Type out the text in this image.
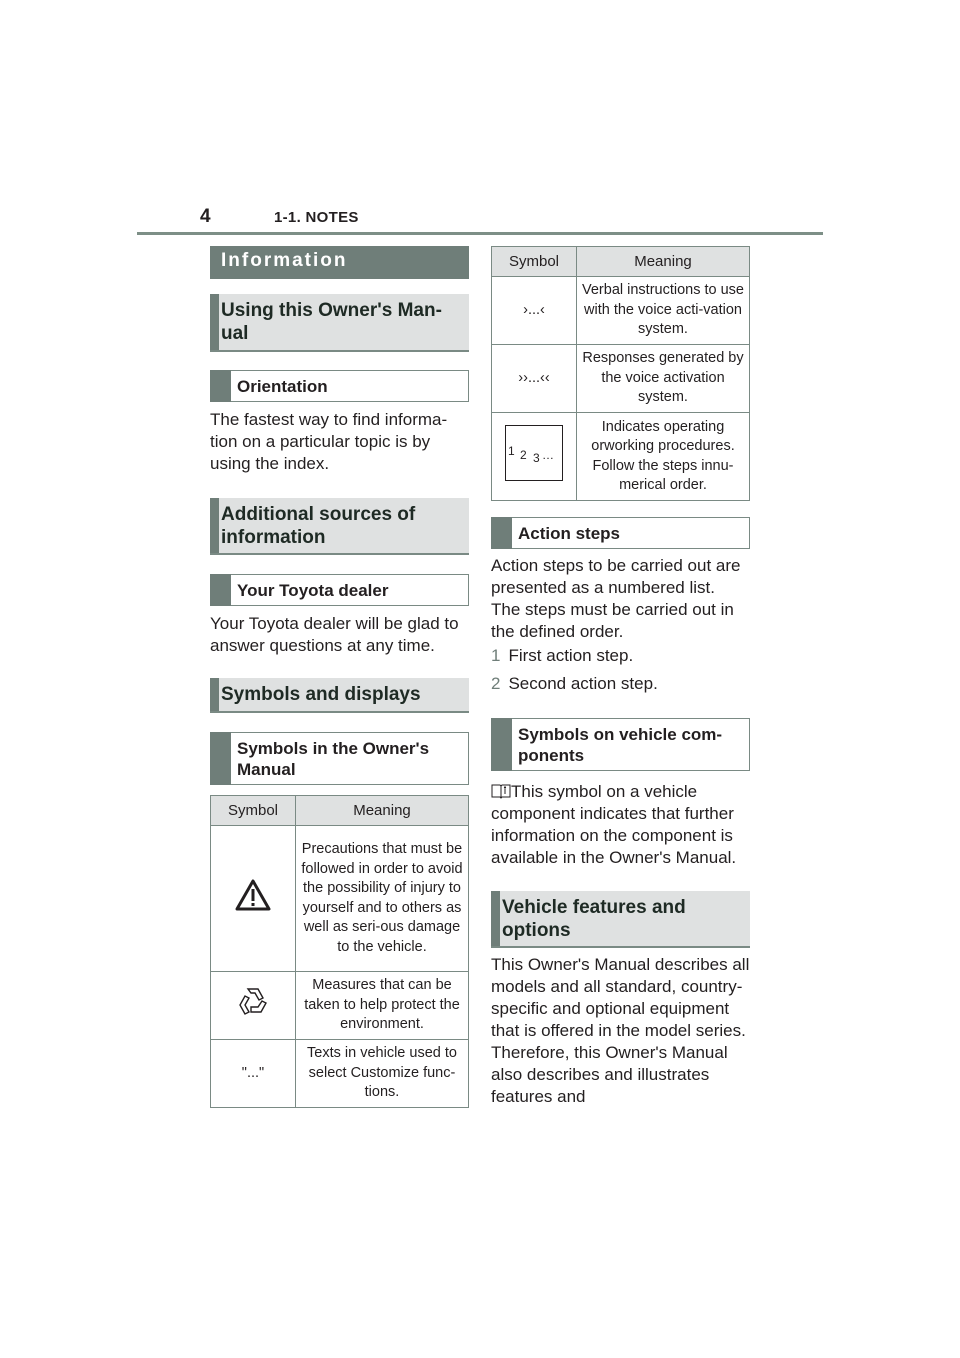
4	1-1. NOTES
Information
Using this Owner's Man-ual
Orientation
The fastest way to find informa-tion on a particular topic is by using the index.
Additional sources of information
Your Toyota dealer
Your Toyota dealer will be glad to answer questions at any time.
Symbols and displays
Symbols in the Owner's Manual
Symbol	Meaning
	Precautions that must be followed in order to avoid the possibility of injury to yourself and to others as well as seri-ous damage to the vehicle.
	Measures that can be taken to help protect the environment.
"..."	Texts in vehicle used to select Customize func-tions.
Symbol	Meaning
›...‹	Verbal instructions to use with the voice acti-vation system.
››...‹‹	Responses generated by the voice activation system.

1 2 3 …	Indicates operating orworking procedures. Follow the steps innu-merical order.
Action steps
Action steps to be carried out are presented as a numbered list. The steps must be carried out in the defined order.
1 First action step.
2 Second action step.
Symbols on vehicle com-ponents
This symbol on a vehicle component indicates that further information on the component is available in the Owner's Manual.
Vehicle features and options
This Owner's Manual describes all models and all standard, country-specific and optional equipment that is offered in the model series. Therefore, this Owner's Manual also describes and illustrates features and
